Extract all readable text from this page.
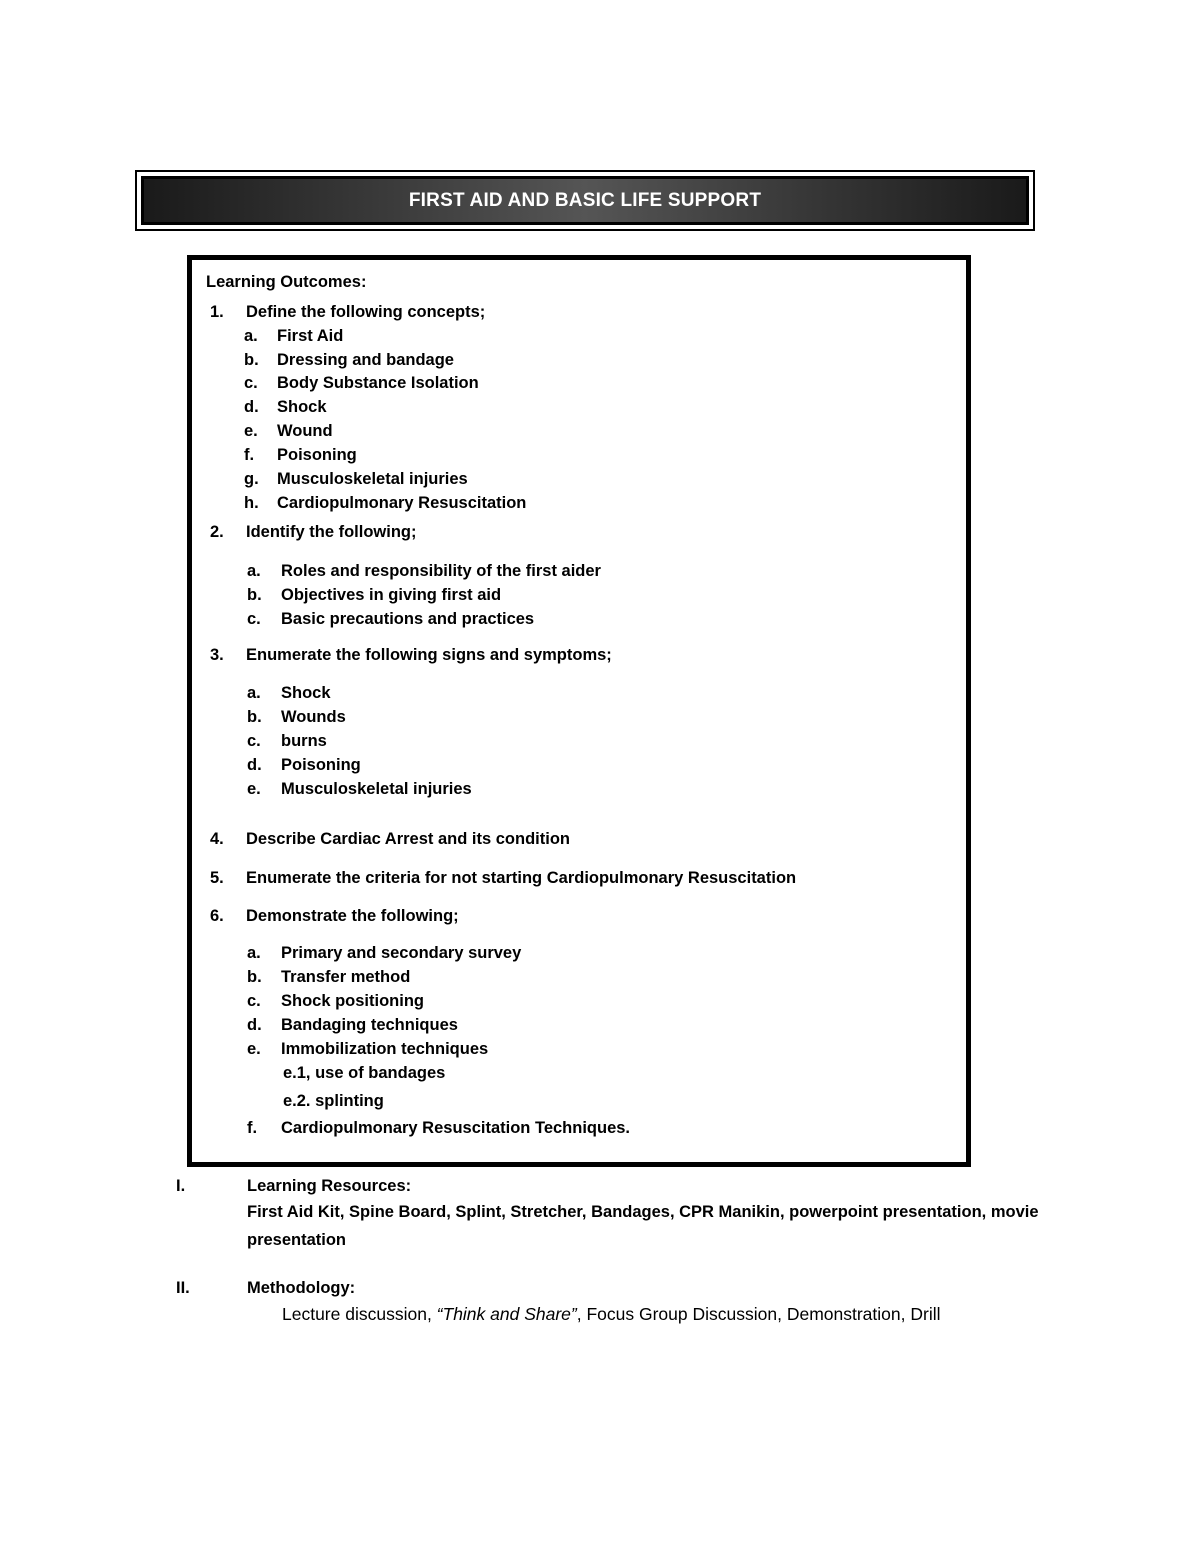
FIRST AID AND BASIC LIFE SUPPORT
Learning Outcomes:
1. Define the following concepts;
a. First Aid
b. Dressing and bandage
c. Body Substance Isolation
d. Shock
e. Wound
f. Poisoning
g. Musculoskeletal injuries
h. Cardiopulmonary Resuscitation
2. Identify the following;
a. Roles and responsibility of the first aider
b. Objectives in giving first aid
c. Basic precautions and practices
3. Enumerate the following signs and symptoms;
a. Shock
b. Wounds
c. burns
d. Poisoning
e. Musculoskeletal injuries
4. Describe Cardiac Arrest and its condition
5. Enumerate the criteria for not starting Cardiopulmonary Resuscitation
6. Demonstrate the following;
a. Primary and secondary survey
b. Transfer method
c. Shock positioning
d. Bandaging techniques
e. Immobilization techniques
e.1, use of bandages
e.2. splinting
f. Cardiopulmonary Resuscitation Techniques.
I.	Learning Resources:
First Aid Kit, Spine Board, Splint, Stretcher, Bandages, CPR Manikin, powerpoint presentation, movie
presentation
II.	Methodology:
Lecture discussion, “Think and Share”, Focus Group Discussion, Demonstration, Drill
